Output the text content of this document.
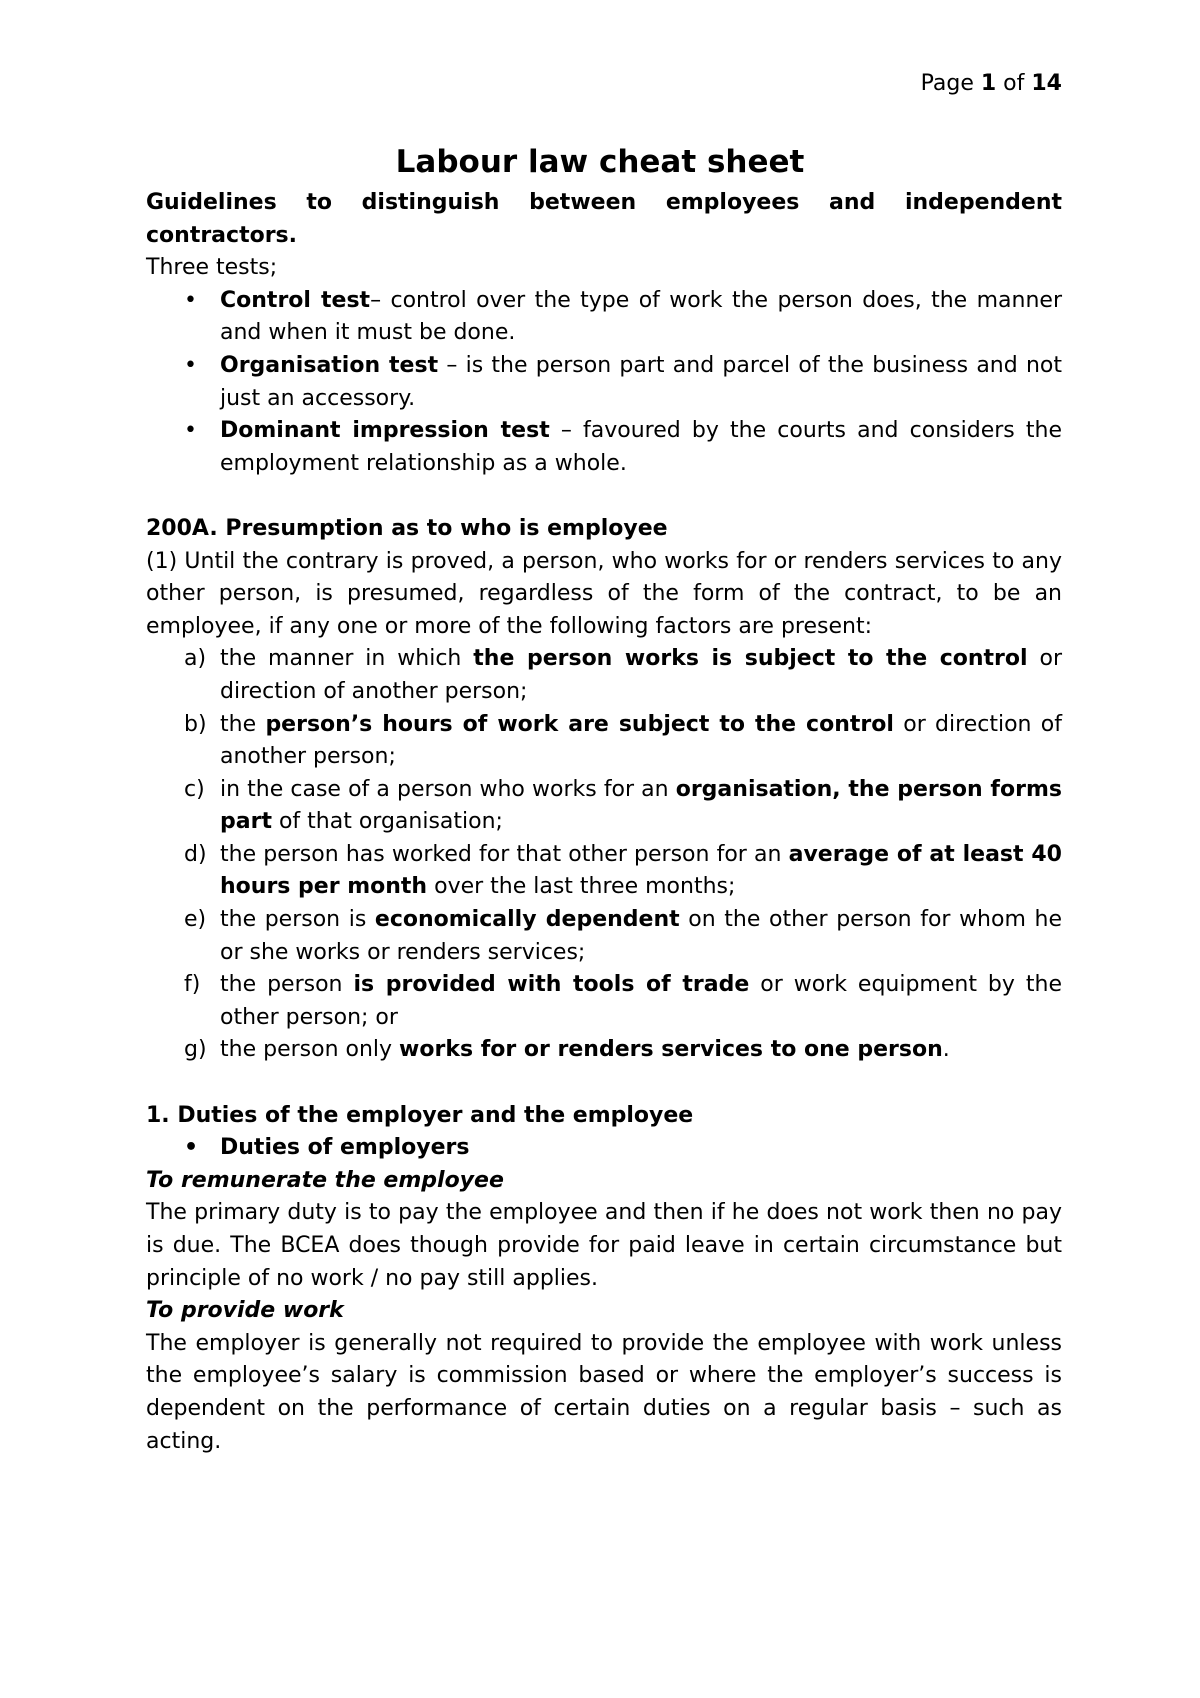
Page 1 of 14
Labour law cheat sheet

Guidelines to distinguish between employees and independent contractors.

Three tests;

• Control test– control over the type of work the person does, the manner and when it must be done.
• Organisation test – is the person part and parcel of the business and not just an accessory.
• Dominant impression test – favoured by the courts and considers the employment relationship as a whole.

200A. Presumption as to who is employee

(1) Until the contrary is proved, a person, who works for or renders services to any other person, is presumed, regardless of the form of the contract, to be an employee, if any one or more of the following factors are present:

a) the manner in which the person works is subject to the control or direction of another person;
b) the person’s hours of work are subject to the control or direction of another person;
c) in the case of a person who works for an organisation, the person forms part of that organisation;
d) the person has worked for that other person for an average of at least 40 hours per month over the last three months;
e) the person is economically dependent on the other person for whom he or she works or renders services;
f) the person is provided with tools of trade or work equipment by the other person; or
g) the person only works for or renders services to one person.

1. Duties of the employer and the employee

• Duties of employers

To remunerate the employee

The primary duty is to pay the employee and then if he does not work then no pay is due. The BCEA does though provide for paid leave in certain circumstance but principle of no work / no pay still applies.

To provide work

The employer is generally not required to provide the employee with work unless the employee’s salary is commission based or where the employer’s success is dependent on the performance of certain duties on a regular basis – such as acting.
